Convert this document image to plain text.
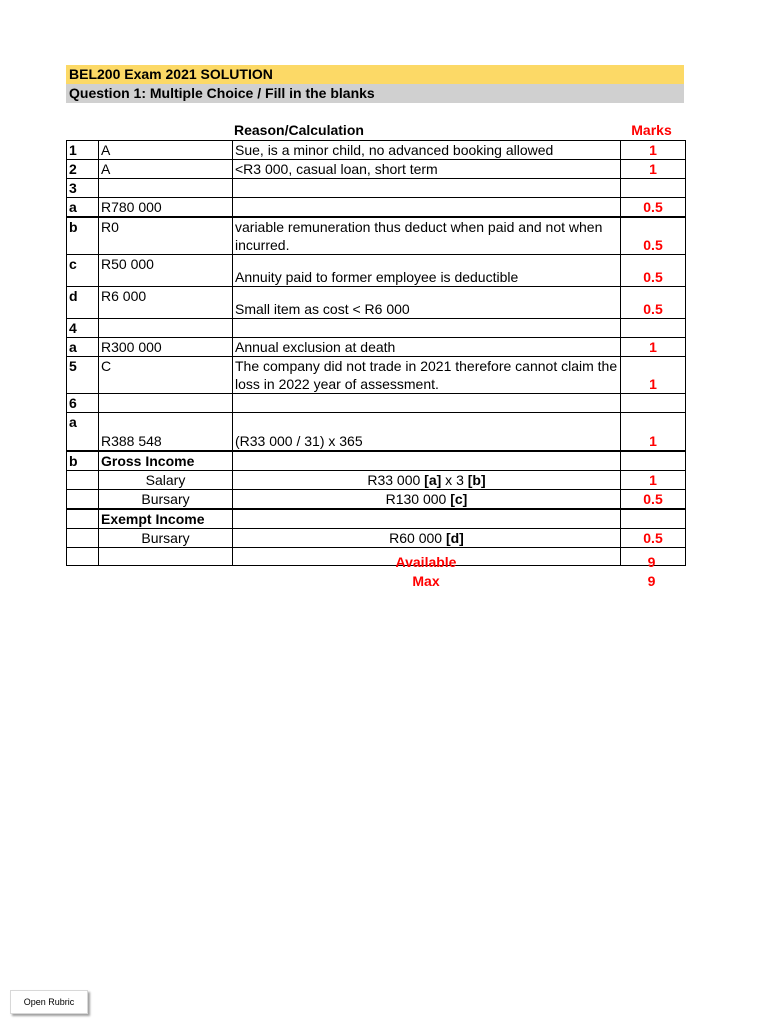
BEL200 Exam 2021 SOLUTION
Question 1: Multiple Choice / Fill in the blanks
Reason/Calculation	Marks
1	A	Sue, is a minor child, no advanced booking allowed	1
2	A	<R3 000, casual loan, short term	1
3			
a	R780 000		0.5
b	R0	variable remuneration thus deduct when paid and not when incurred.	0.5
c	R50 000	Annuity paid to former employee is deductible	0.5
d	R6 000	Small item as cost < R6 000	0.5
4			
a	R300 000	Annual exclusion at death	1
5	C	The company did not trade in 2021 therefore cannot claim the loss in 2022 year of assessment.	1
6			
a	R388 548	(R33 000 / 31) x 365	1
b	Gross Income		
	Salary	R33 000 [a] x 3 [b]	1
	Bursary	R130 000 [c]	0.5
	Exempt Income		
	Bursary	R60 000 [d]	0.5

Available	9
Max	9
Open Rubric
